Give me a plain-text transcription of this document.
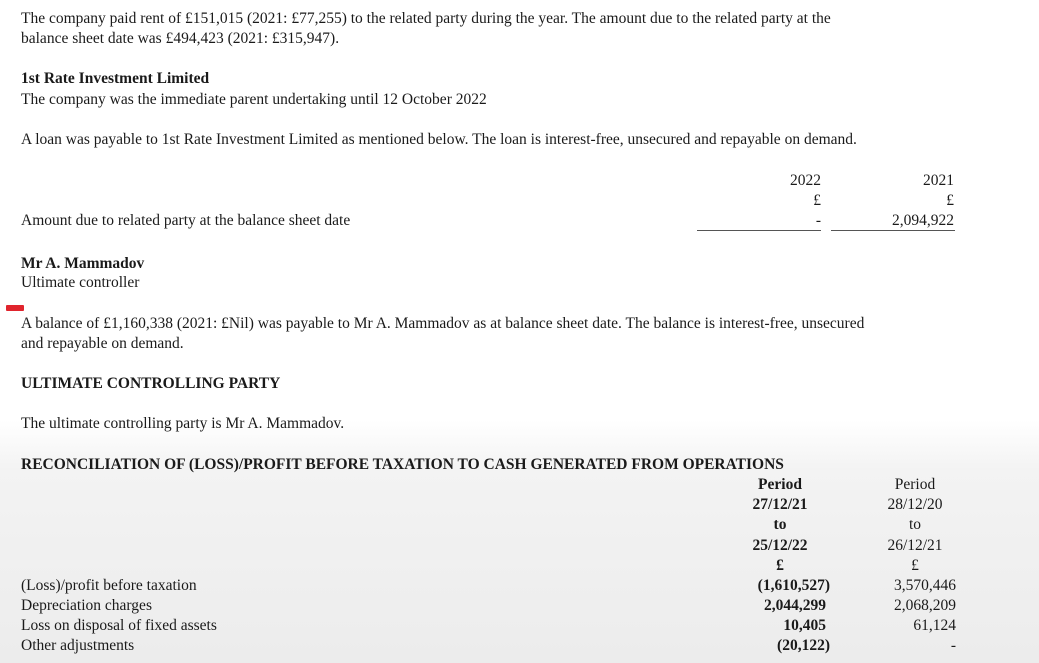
The company paid rent of £151,015 (2021: £77,255) to the related party during the year. The amount due to the related party at the
balance sheet date was £494,423 (2021: £315,947).
1st Rate Investment Limited
The company was the immediate parent undertaking until 12 October 2022
A loan was payable to 1st Rate Investment Limited as mentioned below. The loan is interest-free, unsecured and repayable on demand.
2022
£
2021
£
Amount due to related party at the balance sheet date	-	2,094,922
Mr A. Mammadov
Ultimate controller
A balance of £1,160,338 (2021: £Nil) was payable to Mr A. Mammadov as at balance sheet date. The balance is interest-free, unsecured
and repayable on demand.
ULTIMATE CONTROLLING PARTY
The ultimate controlling party is Mr A. Mammadov.
RECONCILIATION OF (LOSS)/PROFIT BEFORE TAXATION TO CASH GENERATED FROM OPERATIONS
Period
27/12/21
to
25/12/22
£
Period
28/12/20
to
26/12/21
£
(Loss)/profit before taxation	(1,610,527)	3,570,446
Depreciation charges	2,044,299	2,068,209
Loss on disposal of fixed assets	10,405	61,124
Other adjustments	(20,122)	-
